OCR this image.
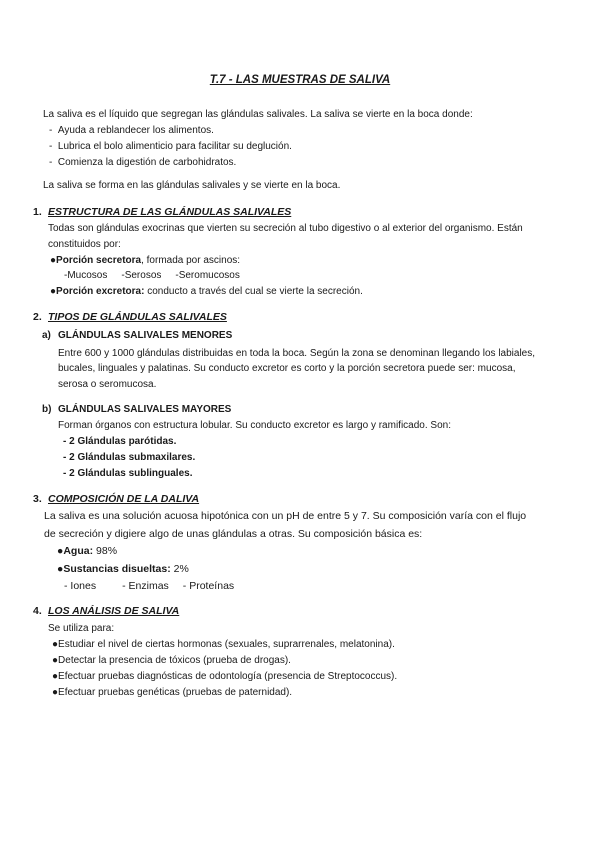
T.7 - LAS MUESTRAS DE SALIVA
La saliva es el líquido que segregan las glándulas salivales. La saliva se vierte en la boca donde:
-  Ayuda a reblandecer los alimentos.
-  Lubrica el bolo alimenticio para facilitar su deglución.
-  Comienza la digestión de carbohidratos.
La saliva se forma en las glándulas salivales y se vierte en la boca.
1. ESTRUCTURA DE LAS GLÁNDULAS SALIVALES
Todas son glándulas exocrinas que vierten su secreción al tubo digestivo o al exterior del organismo. Están
constituidos por:
●Porción secretora, formada por ascinos:
-Mucosos -Serosos -Seromucosos
●Porción excretora: conducto a través del cual se vierte la secreción.
2. TIPOS DE GLÁNDULAS SALIVALES
a) GLÁNDULAS SALIVALES MENORES
Entre 600 y 1000 glándulas distribuidas en toda la boca. Según la zona se denominan llegando los labiales,
bucales, linguales y palatinas. Su conducto excretor es corto y la porción secretora puede ser: mucosa,
serosa o seromucosa.
b) GLÁNDULAS SALIVALES MAYORES
Forman órganos con estructura lobular. Su conducto excretor es largo y ramificado. Son:
- 2 Glándulas parótidas.
- 2 Glándulas submaxilares.
- 2 Glándulas sublinguales.
3. COMPOSICIÓN DE LA DALIVA
La saliva es una solución acuosa hipotónica con un pH de entre 5 y 7. Su composición varía con el flujo
de secreción y digiere algo de unas glándulas a otras. Su composición básica es:
●Agua: 98%
●Sustancias disueltas: 2%
- Iones - Enzimas - Proteínas
4. LOS ANÁLISIS DE SALIVA
Se utiliza para:
●Estudiar el nivel de ciertas hormonas (sexuales, suprarrenales, melatonina).
●Detectar la presencia de tóxicos (prueba de drogas).
●Efectuar pruebas diagnósticas de odontología (presencia de Streptococcus).
●Efectuar pruebas genéticas (pruebas de paternidad).
